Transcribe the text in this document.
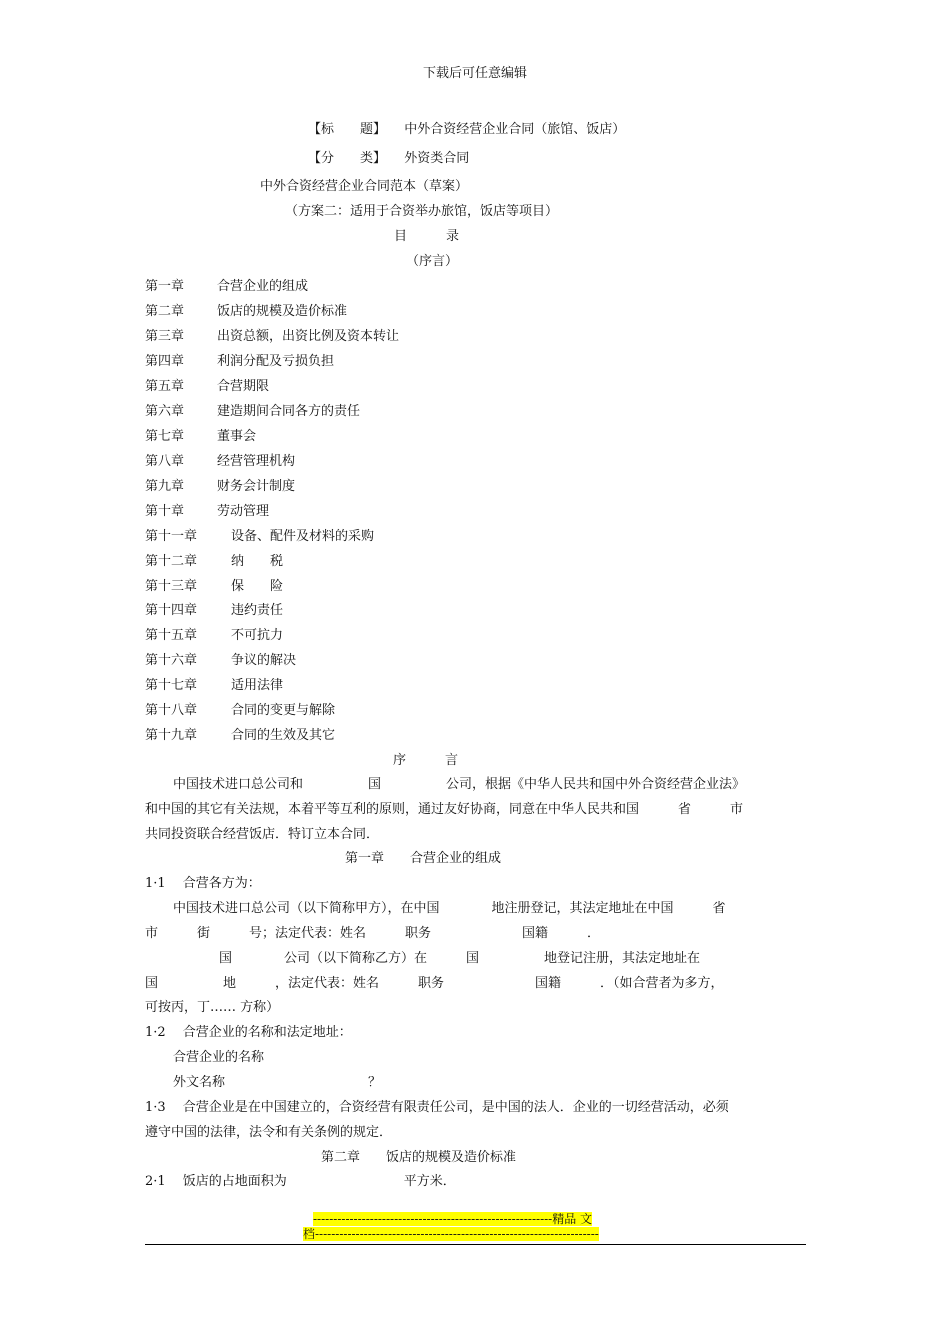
下载后可任意编辑
【标　　题】 中外合资经营企业合同（旅馆、饭店）
【分　　类】 外资类合同
中外合资经营企业合同范本（草案）
（方案二：适用于合资举办旅馆，饭店等项目）
目　　　录
（序言）
第一章	合营企业的组成
第二章	饭店的规模及造价标准
第三章	出资总额，出资比例及资本转让
第四章	利润分配及亏损负担
第五章	合营期限
第六章	建造期间合同各方的责任
第七章	董事会
第八章	经营管理机构
第九章	财务会计制度
第十章	劳动管理
第十一章	设备、配件及材料的采购
第十二章	纳　　税
第十三章	保　　险
第十四章	违约责任
第十五章	不可抗力
第十六章	争议的解决
第十七章	适用法律
第十八章	合同的变更与解除
第十九章	合同的生效及其它
序　　　言
中国技术进口总公司和　　　　　国　　　　　公司，根据《中华人民共和国中外合资经营企业法》
和中国的其它有关法规，本着平等互利的原则，通过友好协商，同意在中华人民共和国　　　省　　　市
共同投资联合经营饭店．特订立本合同．
第一章　　合营企业的组成
1·1　 合营各方为：
中国技术进口总公司（以下简称甲方），在中国　　　　地注册登记，其法定地址在中国　　　省
市　　　街　　　号；法定代表：姓名　　　职务　　　　　　　国籍　　　．
国　　　　公司（以下简称乙方）在　　　国　　　　　地登记注册，其法定地址在
国　　　　　地　　　，法定代表：姓名　　　职务　　　　　　　国籍　　　．（如合营者为多方，
可按丙，丁…… 方称）
1·2　 合营企业的名称和法定地址：
合营企业的名称
外文名称　　　　　　　　　　　？
1·3　 合营企业是在中国建立的，合资经营有限责任公司，是中国的法人．企业的一切经营活动，必须
遵守中国的法律，法令和有关条例的规定．
第二章　　饭店的规模及造价标准
2·1　 饭店的占地面积为　　　　　　　　　平方米．
-----------------------------------------------------------精品 文
档----------------------------------------------------------------------
